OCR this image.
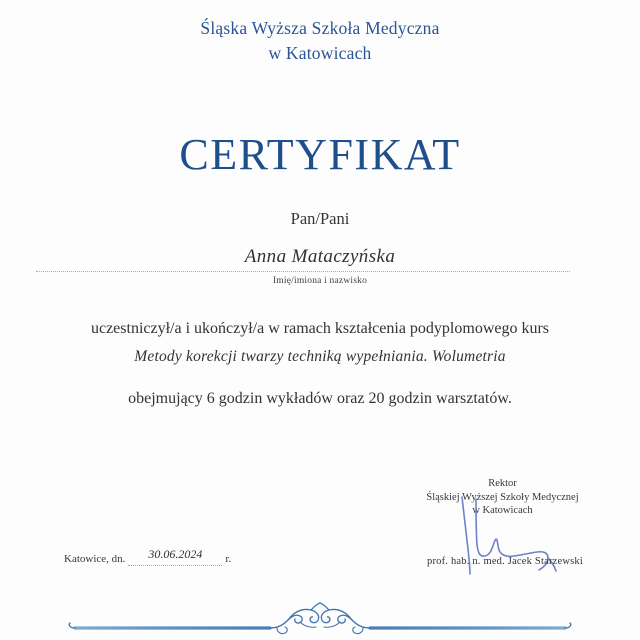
Śląska Wyższa Szkoła Medyczna
w Katowicach
CERTYFIKAT
Pan/Pani
Anna Mataczyńska
Imię/imiona i nazwisko
uczestniczył/a i ukończył/a w ramach kształcenia podyplomowego kurs
Metody korekcji twarzy techniką wypełniania. Wolumetria
obejmujący 6 godzin wykładów oraz 20 godzin warsztatów.
Katowice, dn.	30.06.2024	r.
Rektor
Śląskiej Wyższej Szkoły Medycznej
w Katowicach
prof. hab. n. med. Jacek Starzewski
